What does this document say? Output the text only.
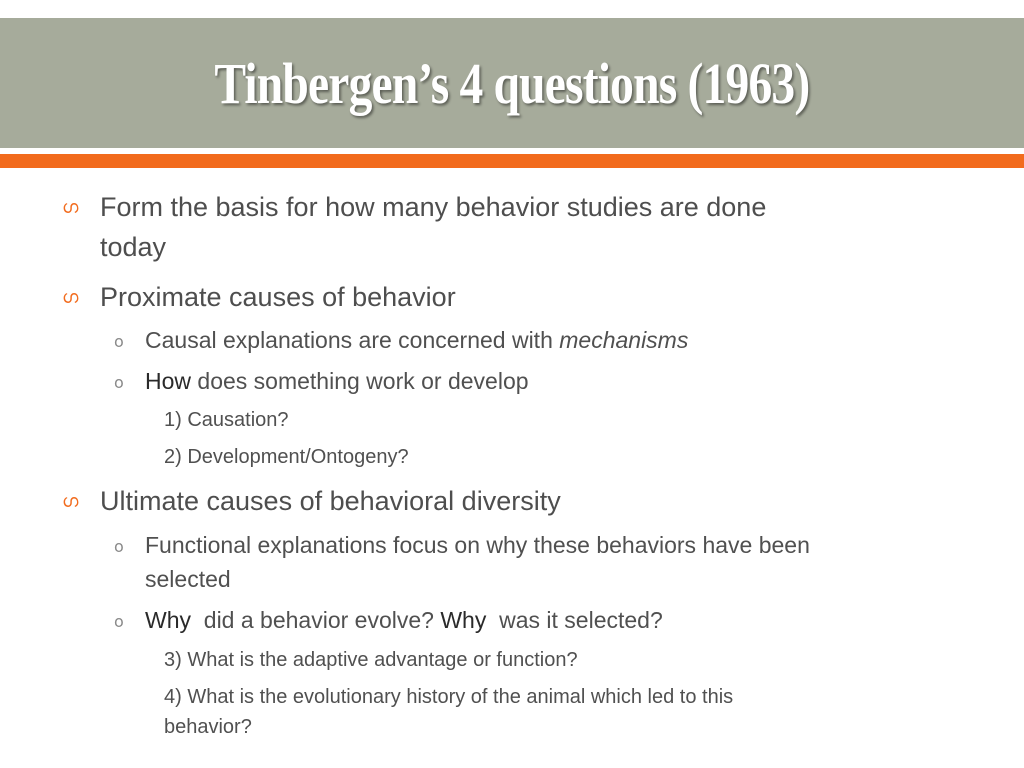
Tinbergen’s 4 questions (1963)
ഗ Form the basis for how many behavior studies are done
today
ഗ Proximate causes of behavior
o Causal explanations are concerned with mechanisms
o How does something work or develop
1) Causation?
2) Development/Ontogeny?
ഗ Ultimate causes of behavioral diversity
o Functional explanations focus on why these behaviors have been
selected
o Why  did a behavior evolve? Why  was it selected?
3) What is the adaptive advantage or function?
4) What is the evolutionary history of the animal which led to this
behavior?
